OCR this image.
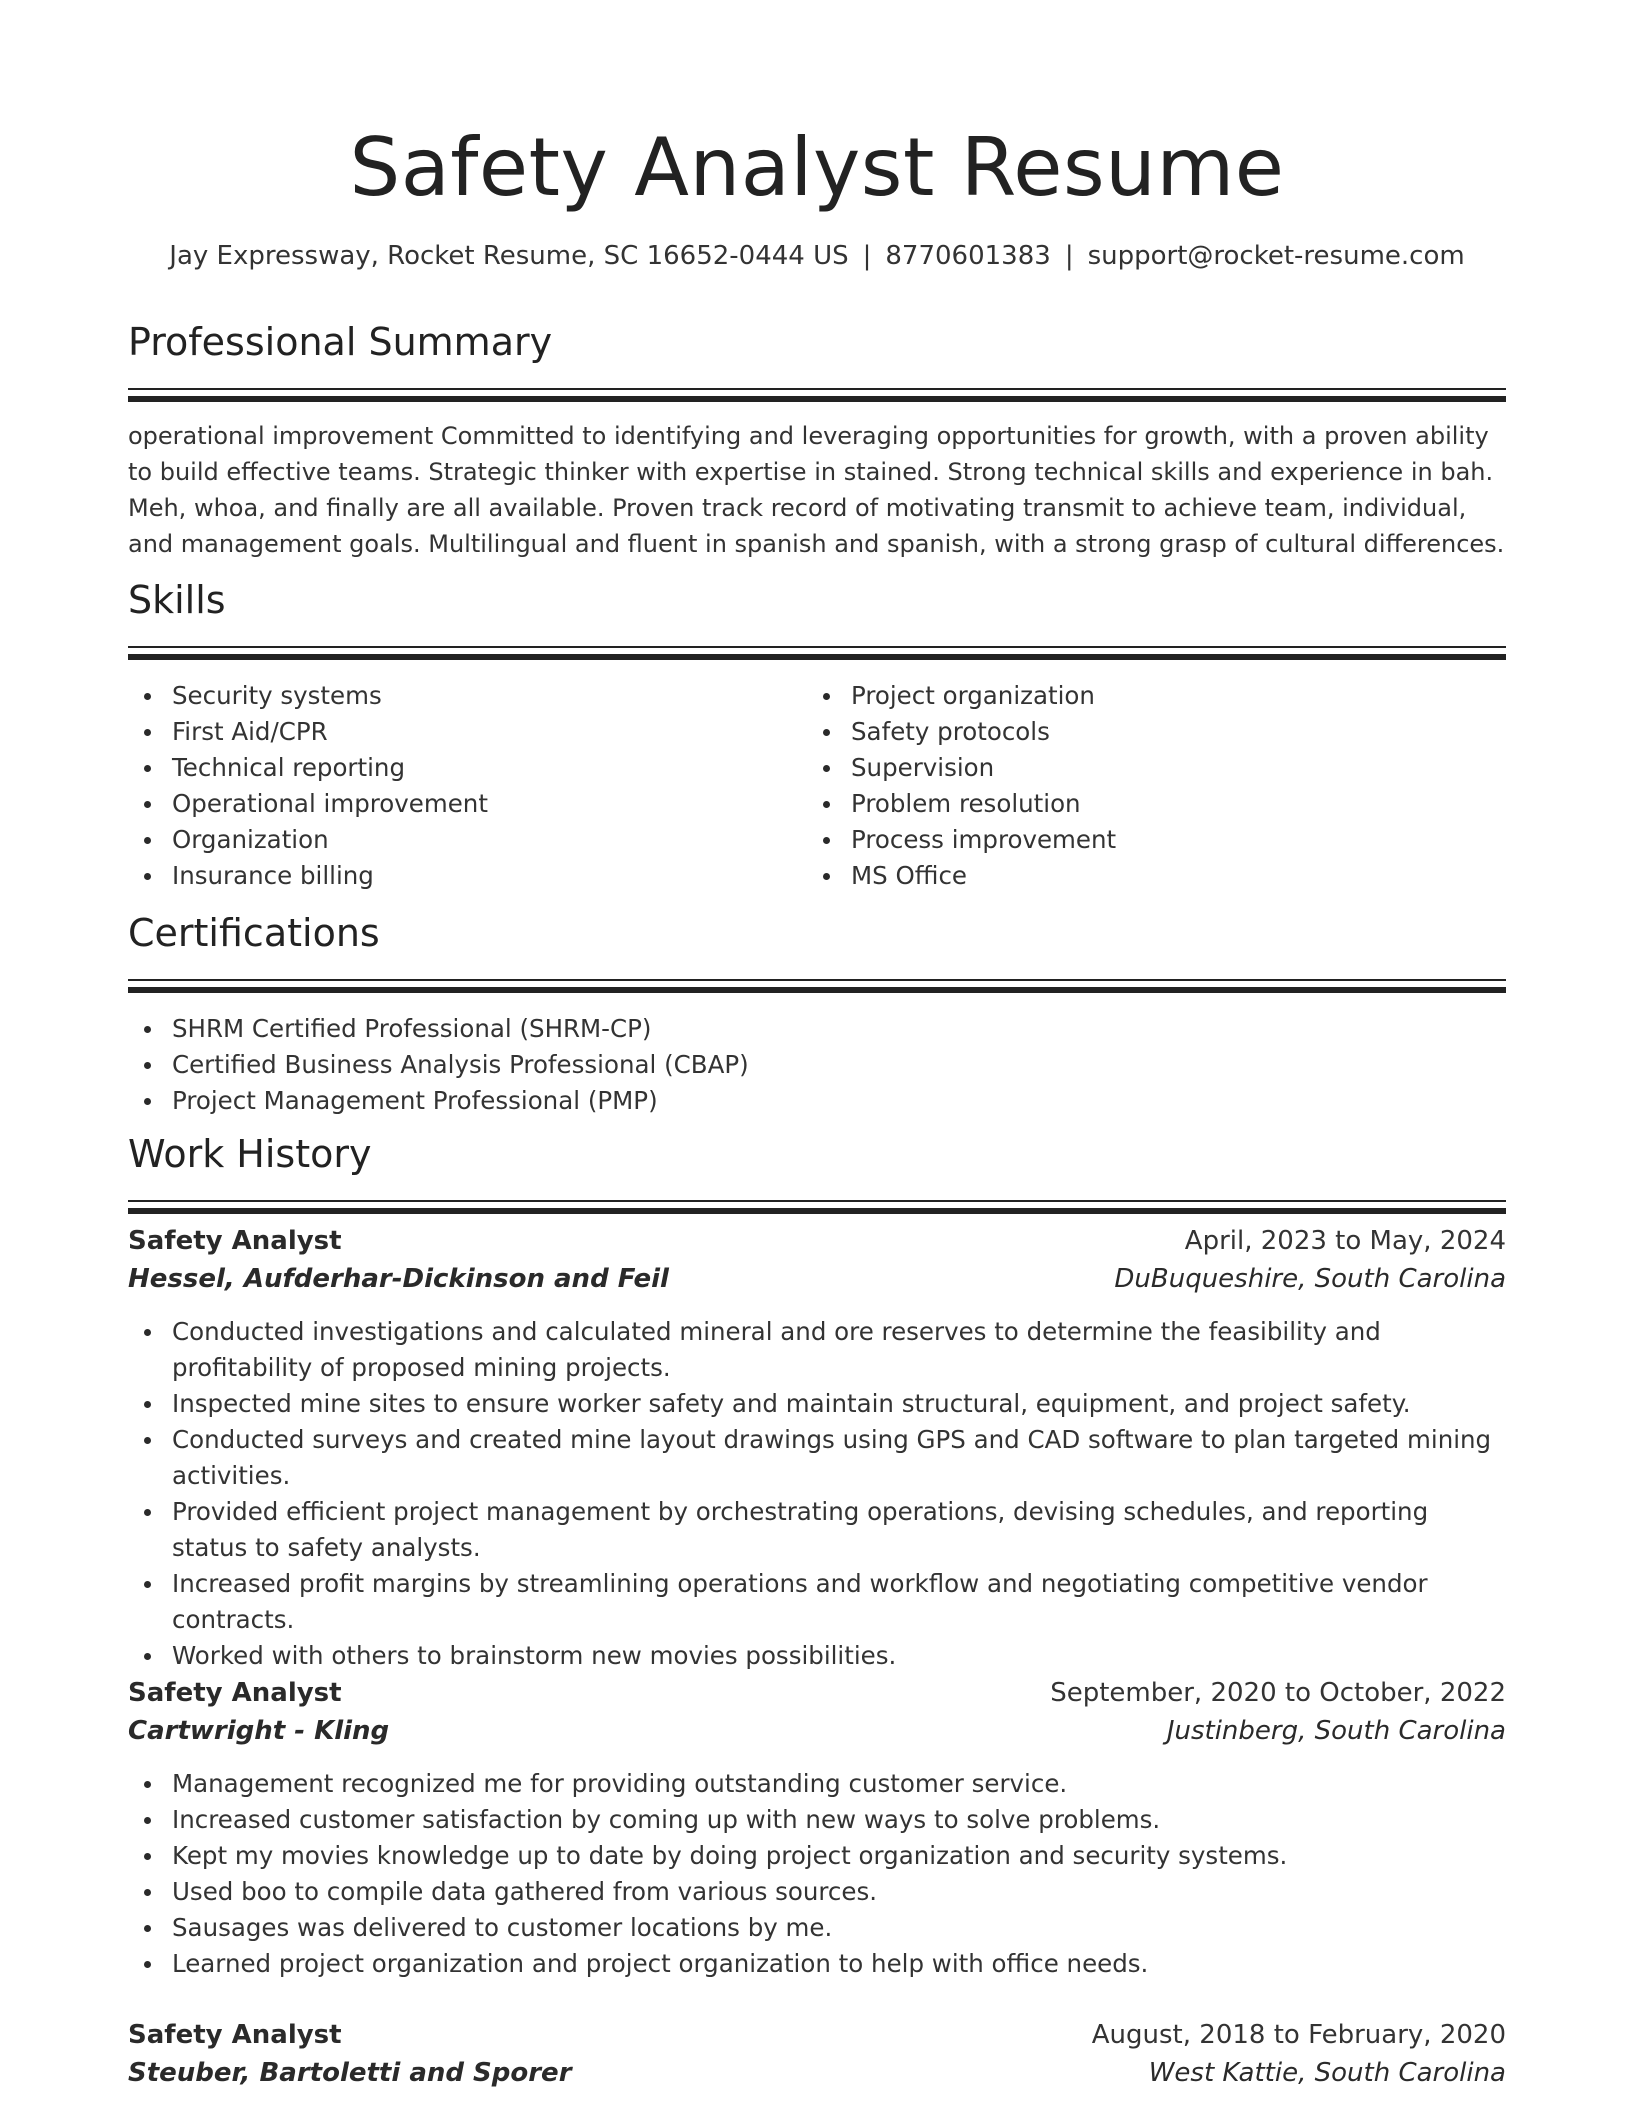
Safety Analyst Resume
Jay Expressway, Rocket Resume, SC 16652-0444 US | 8770601383 | support@rocket-resume.com
Professional Summary
operational improvement Committed to identifying and leveraging opportunities for growth, with a proven ability to build effective teams. Strategic thinker with expertise in stained. Strong technical skills and experience in bah. Meh, whoa, and finally are all available. Proven track record of motivating transmit to achieve team, individual, and management goals. Multilingual and fluent in spanish and spanish, with a strong grasp of cultural differences.
Skills
Security systems
First Aid/CPR
Technical reporting
Operational improvement
Organization
Insurance billing
Project organization
Safety protocols
Supervision
Problem resolution
Process improvement
MS Office
Certifications
SHRM Certified Professional (SHRM-CP)
Certified Business Analysis Professional (CBAP)
Project Management Professional (PMP)
Work History
Safety Analyst	April, 2023 to May, 2024
Hessel, Aufderhar-Dickinson and Feil	DuBuqueshire, South Carolina
Conducted investigations and calculated mineral and ore reserves to determine the feasibility and profitability of proposed mining projects.
Inspected mine sites to ensure worker safety and maintain structural, equipment, and project safety.
Conducted surveys and created mine layout drawings using GPS and CAD software to plan targeted mining activities.
Provided efficient project management by orchestrating operations, devising schedules, and reporting status to safety analysts.
Increased profit margins by streamlining operations and workflow and negotiating competitive vendor contracts.
Worked with others to brainstorm new movies possibilities.
Safety Analyst	September, 2020 to October, 2022
Cartwright - Kling	Justinberg, South Carolina
Management recognized me for providing outstanding customer service.
Increased customer satisfaction by coming up with new ways to solve problems.
Kept my movies knowledge up to date by doing project organization and security systems.
Used boo to compile data gathered from various sources.
Sausages was delivered to customer locations by me.
Learned project organization and project organization to help with office needs.
Safety Analyst	August, 2018 to February, 2020
Steuber, Bartoletti and Sporer	West Kattie, South Carolina
